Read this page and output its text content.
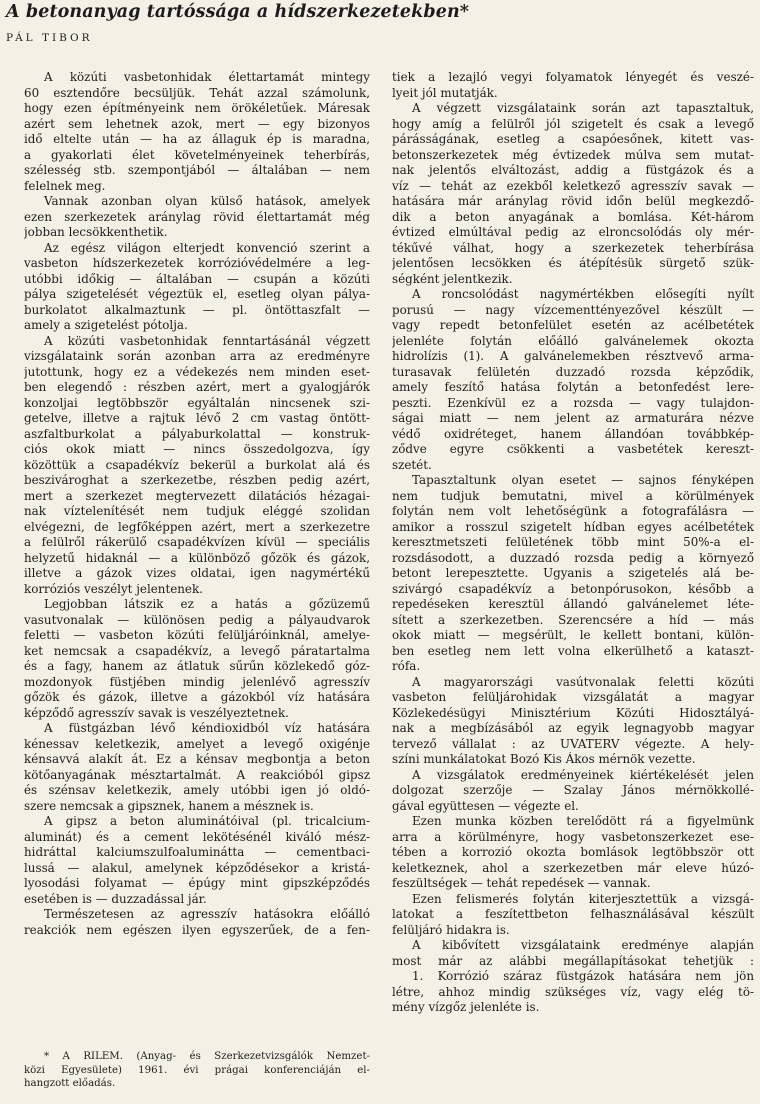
A betonanyag tartóssága a hídszerkezetekben*
PÁL TIBOR
A közúti vasbetonhidak élettartamát mintegy
60 esztendőre becsüljük. Tehát azzal számolunk,
hogy ezen építményeink nem örökéletűek. Máresak
azért sem lehetnek azok, mert — egy bizonyos
idő eltelte után — ha az állaguk ép is maradna,
a gyakorlati élet követelményeinek teherbírás,
szélesség stb. szempontjából — általában — nem
felelnek meg.
Vannak azonban olyan külső hatások, amelyek
ezen szerkezetek aránylag rövid élettartamát még
jobban lecsökkenthetik.
Az egész világon elterjedt konvenció szerint a
vasbeton hídszerkezetek korrózióvédelmére a leg-
utóbbi időkig — általában — csupán a közúti
pálya szigetelését végeztük el, esetleg olyan pálya-
burkolatot alkalmaztunk — pl. öntöttaszfalt —
amely a szigetelést pótolja.
A közúti vasbetonhidak fenntartásánál végzett
vizsgálataink során azonban arra az eredményre
jutottunk, hogy ez a védekezés nem minden eset-
ben elegendő : részben azért, mert a gyalogjárók
konzoljai legtöbbször egyáltalán nincsenek szi-
getelve, illetve a rajtuk lévő 2 cm vastag öntött-
aszfaltburkolat a pályaburkolattal — konstruk-
ciós okok miatt — nincs összedolgozva, így
közöttük a csapadékvíz bekerül a burkolat alá és
beszivároghat a szerkezetbe, részben pedig azért,
mert a szerkezet megtervezett dilatációs hézagai-
nak víztelenítését nem tudjuk eléggé szolidan
elvégezni, de legfőképpen azért, mert a szerkezetre
a felülről rákerülő csapadékvízen kívül — speciális
helyzetű hidaknál — a különböző gőzök és gázok,
illetve a gázok vizes oldatai, igen nagymértékű
korróziós veszélyt jelentenek.
Legjobban látszik ez a hatás a gőzüzemű
vasutvonalak — különösen pedig a pályaudvarok
feletti — vasbeton közúti felüljáróinknál, amelye-
ket nemcsak a csapadékvíz, a levegő páratartalma
és a fagy, hanem az átlatuk sűrűn közlekedő góz-
mozdonyok füstjében mindig jelenlévő agresszív
gőzök és gázok, illetve a gázokból víz hatására
képződő agresszív savak is veszélyeztetnek.
A füstgázban lévő kéndioxidból víz hatására
kénessav keletkezik, amelyet a levegő oxigénje
kénsavvá alakít át. Ez a kénsav megbontja a beton
kötőanyagának mésztartalmát. A reakcióból gipsz
és szénsav keletkezik, amely utóbbi igen jó oldó-
szere nemcsak a gipsznek, hanem a mésznek is.
A gipsz a beton aluminátóival (pl. tricalcium-
aluminát) és a cement lekötésénél kiváló mész-
hidráttal kalciumszulfoaluminátta — cementbaci-
lussá — alakul, amelynek képződésekor a kristá-
lyosodási folyamat — épúgy mint gipszképződés
esetében is — duzzadással jár.
Természetesen az agresszív hatásokra előálló
reakciók nem egészen ilyen egyszerűek, de a fen-
tiek a lezajló vegyi folyamatok lényegét és veszé-
lyeit jól mutatják.
A végzett vizsgálataink során azt tapasztaltuk,
hogy amíg a felülről jól szigetelt és csak a levegő
párásságának, esetleg a csapóesőnek, kitett vas-
betonszerkezetek még évtizedek múlva sem mutat-
nak jelentős elváltozást, addig a füstgázok és a
víz — tehát az ezekből keletkező agresszív savak —
hatására már aránylag rövid időn belül megkezdő-
dik a beton anyagának a bomlása. Két-három
évtized elmúltával pedig az elroncsolódás oly mér-
tékűvé válhat, hogy a szerkezetek teherbírása
jelentősen lecsökken és átépítésük sürgető szük-
ségként jelentkezik.
A roncsolódást nagymértékben elősegíti nyílt
porusú — nagy vízcementtényezővel készült —
vagy repedt betonfelület esetén az acélbetétek
jelenléte folytán előálló galvánelemek okozta
hidrolízis (1). A galvánelemekben résztvevő arma-
turasavak felületén duzzadó rozsda képződik,
amely feszítő hatása folytán a betonfedést lere-
peszti. Ezenkívül ez a rozsda — vagy tulajdon-
ságai miatt — nem jelent az armaturára nézve
védő oxidréteget, hanem állandóan továbbkép-
ződve egyre csökkenti a vasbetétek kereszt-
szetét.
Tapasztaltunk olyan esetet — sajnos fényképen
nem tudjuk bemutatni, mivel a körülmények
folytán nem volt lehetőségünk a fotografálásra —
amikor a rosszul szigetelt hídban egyes acélbetétek
keresztmetszeti felületének több mint 50%-a el-
rozsdásodott, a duzzadó rozsda pedig a környező
betont lerepesztette. Ugyanis a szigetelés alá be-
szivárgó csapadékvíz a betonpórusokon, később a
repedéseken keresztül állandó galvánelemet léte-
sített a szerkezetben. Szerencsére a híd — más
okok miatt — megsérült, le kellett bontani, külön-
ben esetleg nem lett volna elkerülhető a kataszt-
rófa.
A magyarországi vasútvonalak feletti közúti
vasbeton felüljárohidak vizsgálatát a magyar
Közlekedésügyi Minisztérium Közúti Hidosztályá-
nak a megbízásából az egyik legnagyobb magyar
tervező vállalat : az UVATERV végezte. A hely-
színi munkálatokat Bozó Kis Ákos mérnök vezette.
A vizsgálatok eredményeinek kiértékelését jelen
dolgozat szerzője — Szalay János mérnökkollé-
gával együttesen — végezte el.
Ezen munka közben terelődött rá a figyelmünk
arra a körülményre, hogy vasbetonszerkezet ese-
tében a korrozió okozta bomlások legtöbbször ott
keletkeznek, ahol a szerkezetben már eleve húzó-
feszültségek — tehát repedések — vannak.
Ezen felismerés folytán kiterjesztettük a vizsgá-
latokat a feszítettbeton felhasználásával készült
felüljáró hidakra is.
A kibővített vizsgálataink eredménye alapján
most már az alábbi megállapításokat tehetjük :
1. Korrózió száraz füstgázok hatására nem jön
létre, ahhoz mindig szükséges víz, vagy elég tö-
mény vízgőz jelenléte is.
* A RILEM. (Anyag- és Szerkezetvizsgálók Nemzet-
közi Egyesülete) 1961. évi prágai konferenciáján el-
hangzott előadás.
